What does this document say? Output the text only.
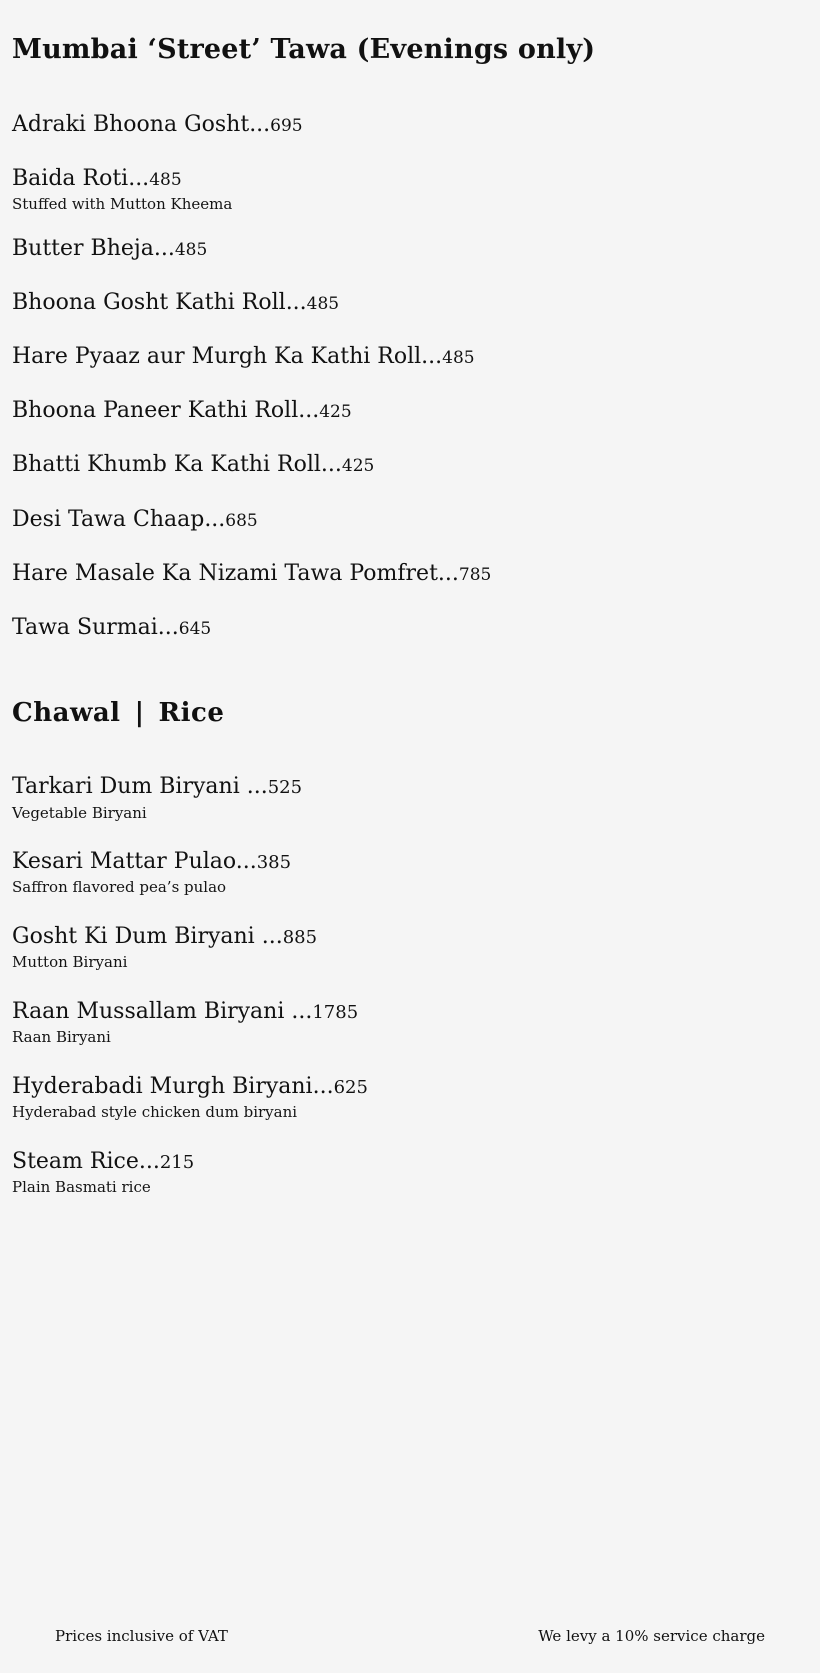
Mumbai ‘Street’ Tawa (Evenings only)
Adraki Bhoona Gosht...695
Baida Roti...485
Stuffed with Mutton Kheema
Butter Bheja...485
Bhoona Gosht Kathi Roll...485
Hare Pyaaz aur Murgh Ka Kathi Roll...485
Bhoona Paneer Kathi Roll...425
Bhatti Khumb Ka Kathi Roll...425
Desi Tawa Chaap...685
Hare Masale Ka Nizami Tawa Pomfret...785
Tawa Surmai...645
Chawal | Rice
Tarkari Dum Biryani ...525
Vegetable Biryani
Kesari Mattar Pulao...385
Saffron flavored pea’s pulao
Gosht Ki Dum Biryani ...885
Mutton Biryani
Raan Mussallam Biryani ...1785
Raan Biryani
Hyderabadi Murgh Biryani...625
Hyderabad style chicken dum biryani
Steam Rice...215
Plain Basmati rice
Prices inclusive of VAT	We levy a 10% service charge
